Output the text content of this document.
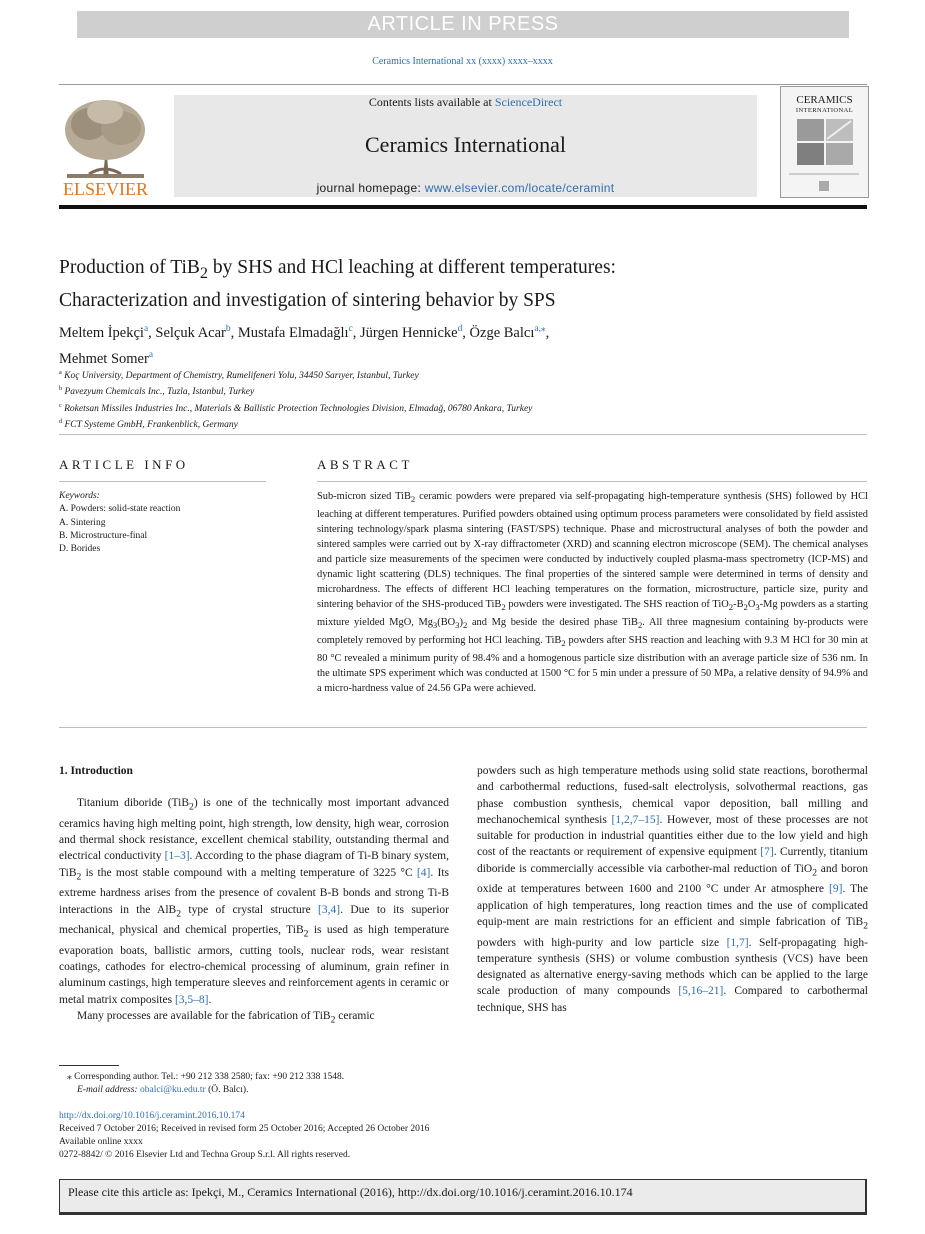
ARTICLE IN PRESS
Ceramics International xx (xxxx) xxxx–xxxx
ELSEVIER
Contents lists available at ScienceDirect
Ceramics International
journal homepage: www.elsevier.com/locate/ceramint
CERAMICS
INTERNATIONAL
Production of TiB$_2$ by SHS and HCl leaching at different temperatures:
Characterization and investigation of sintering behavior by SPS
Meltem İpekçi$^a$, Selçuk Acar$^b$, Mustafa Elmadağlı$^c$, Jürgen Hennicke$^d$, Özge Balcı$^{a,⁎}$,
Mehmet Somer$^a$
$^a$ Koç University, Department of Chemistry, Rumelifeneri Yolu, 34450 Sarıyer, Istanbul, Turkey
$^b$ Pavezyum Chemicals Inc., Tuzla, Istanbul, Turkey
$^c$ Roketsan Missiles Industries Inc., Materials & Ballistic Protection Technologies Division, Elmadağ, 06780 Ankara, Turkey
$^d$ FCT Systeme GmbH, Frankenblick, Germany
ARTICLE INFO	ABSTRACT
Keywords:
A. Powders: solid-state reaction
A. Sintering
B. Microstructure-final
D. Borides
Sub-micron sized TiB$_2$ ceramic powders were prepared via self-propagating high-temperature synthesis (SHS) followed by HCl leaching at different temperatures. Purified powders obtained using optimum process parameters were consolidated by field assisted sintering technology/spark plasma sintering (FAST/SPS) technique. Phase and microstructural analyses of both the powder and sintered samples were carried out by X-ray diffractometer (XRD) and scanning electron microscope (SEM). The chemical analyses and particle size measurements of the specimen were conducted by inductively coupled plasma-mass spectrometry (ICP-MS) and dynamic light scattering (DLS) techniques. The final properties of the sintered sample were determined in terms of density and microhardness. The effects of different HCl leaching temperatures on the formation, microstructure, particle size, purity and sintering behavior of the SHS-produced TiB$_2$ powders were investigated. The SHS reaction of $TiO_2-B_2O_3-Mg$ powders as a starting mixture yielded MgO, $Mg_3(BO_3)_2$ and Mg beside the desired phase TiB$_2$. All three magnesium containing by-products were completely removed by performing hot HCl leaching. TiB$_2$ powders after SHS reaction and leaching with 9.3 M HCl for 30 min at 80 °C revealed a minimum purity of 98.4% and a homogenous particle size distribution with an average particle size of 536 nm. In the ultimate SPS experiment which was conducted at 1500 °C for 5 min under a pressure of 50 MPa, a relative density of 94.9% and a micro-hardness value of 24.56 GPa were achieved.
1. Introduction

Titanium diboride (TiB$_2$) is one of the technically most important advanced ceramics having high melting point, high strength, low density, high wear, corrosion and thermal shock resistance, excellent chemical stability, outstanding thermal and electrical conductivity [1–3]. According to the phase diagram of Ti-B binary system, TiB$_2$ is the most stable compound with a melting temperature of 3225 °C [4]. Its extreme hardness arises from the presence of covalent B-B bonds and strong Ti-B interactions in the AlB$_2$ type of crystal structure [3,4]. Due to its superior mechanical, physical and chemical properties, TiB$_2$ is used as high temperature evaporation boats, ballistic armors, cutting tools, nuclear rods, wear resistant coatings, cathodes for electro-chemical processing of aluminum, grain refiner in aluminum castings, high temperature sleeves and reinforcement agents in ceramic or metal matrix composites [3,5–8].

Many processes are available for the fabrication of TiB$_2$ ceramic

powders such as high temperature methods using solid state reactions, borothermal and carbothermal reductions, fused-salt electrolysis, solvothermal reactions, gas phase combustion synthesis, chemical vapor deposition, ball milling and mechanochemical synthesis [1,2,7–15]. However, most of these processes are not suitable for production in industrial quantities either due to the low yield and high cost of the reactants or requirement of expensive equipment [7]. Currently, titanium diboride is commercially accessible via carbother-mal reduction of TiO$_2$ and boron oxide at temperatures between 1600 and 2100 °C under Ar atmosphere [9]. The application of high temperatures, long reaction times and the use of complicated equip-ment are main restrictions for an efficient and simple fabrication of TiB$_2$ powders with high-purity and low particle size [1,7]. Self-propagating high-temperature synthesis (SHS) or volume combustion synthesis (VCS) have been designated as alternative energy-saving methods which can be applied to the large scale production of many compounds [5,16–21]. Compared to carbothermal technique, SHS has

⁎ Corresponding author. Tel.: +90 212 338 2580; fax: +90 212 338 1548.
E-mail address: obalci@ku.edu.tr (Ö. Balcı).
http://dx.doi.org/10.1016/j.ceramint.2016.10.174
Received 7 October 2016; Received in revised form 25 October 2016; Accepted 26 October 2016
Available online xxxx
0272-8842/ © 2016 Elsevier Ltd and Techna Group S.r.l. All rights reserved.
Please cite this article as: Ipekçi, M., Ceramics International (2016), http://dx.doi.org/10.1016/j.ceramint.2016.10.174
